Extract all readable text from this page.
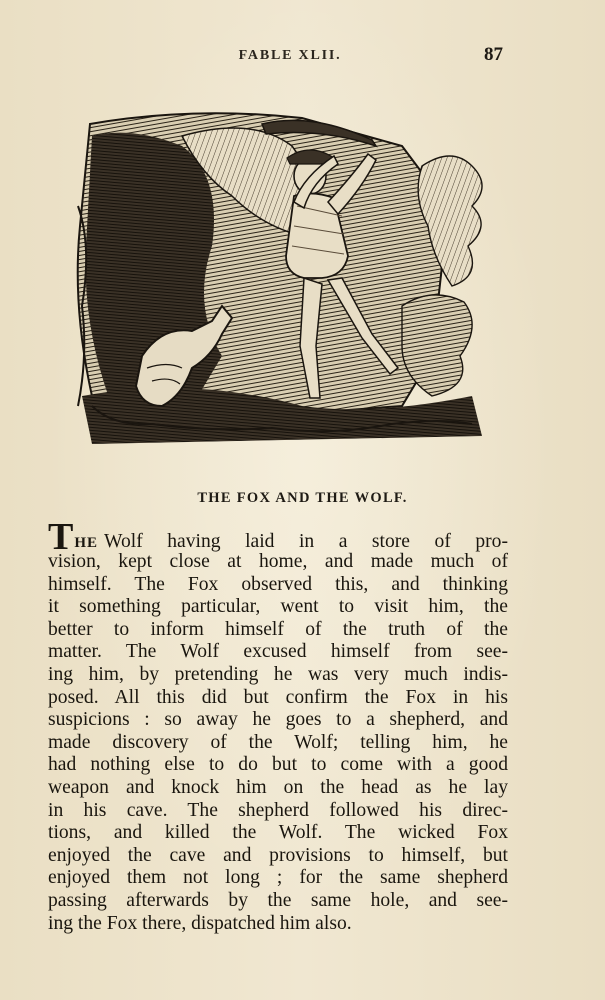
FABLE XLII.	87
THE FOX AND THE WOLF.
THE Wolf having laid in a store of pro-
vision, kept close at home, and made much of
himself. The Fox observed this, and thinking
it something particular, went to visit him, the
better to inform himself of the truth of the
matter. The Wolf excused himself from see-
ing him, by pretending he was very much indis-
posed. All this did but confirm the Fox in his
suspicions : so away he goes to a shepherd, and
made discovery of the Wolf; telling him, he
had nothing else to do but to come with a good
weapon and knock him on the head as he lay
in his cave. The shepherd followed his direc-
tions, and killed the Wolf. The wicked Fox
enjoyed the cave and provisions to himself, but
enjoyed them not long ; for the same shepherd
passing afterwards by the same hole, and see-
ing the Fox there, dispatched him also.
